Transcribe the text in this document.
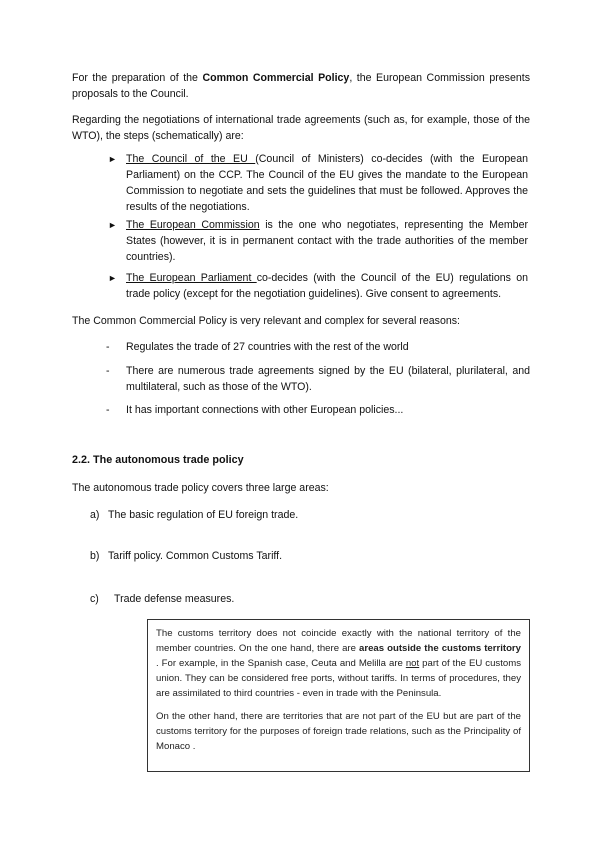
For the preparation of the Common Commercial Policy, the European Commission presents proposals to the Council.

Regarding the negotiations of international trade agreements (such as, for example, those of the WTO), the steps (schematically) are:

► The Council of the EU (Council of Ministers) co-decides (with the European Parliament) on the CCP. The Council of the EU gives the mandate to the European Commission to negotiate and sets the guidelines that must be followed. Approves the results of the negotiations.
► The European Commission is the one who negotiates, representing the Member States (however, it is in permanent contact with the trade authorities of the member countries).
► The European Parliament co-decides (with the Council of the EU) regulations on trade policy (except for the negotiation guidelines). Give consent to agreements.

The Common Commercial Policy is very relevant and complex for several reasons:

- Regulates the trade of 27 countries with the rest of the world
- There are numerous trade agreements signed by the EU (bilateral, plurilateral, and multilateral, such as those of the WTO).
- It has important connections with other European policies...
2.2. The autonomous trade policy

The autonomous trade policy covers three large areas:

a) The basic regulation of EU foreign trade.
b) Tariff policy. Common Customs Tariff.
c) Trade defense measures.

The customs territory does not coincide exactly with the national territory of the member countries. On the one hand, there are areas outside the customs territory . For example, in the Spanish case, Ceuta and Melilla are not part of the EU customs union. They can be considered free ports, without tariffs. In terms of procedures, they are assimilated to third countries - even in trade with the Peninsula.

On the other hand, there are territories that are not part of the EU but are part of the customs territory for the purposes of foreign trade relations, such as the Principality of Monaco .
